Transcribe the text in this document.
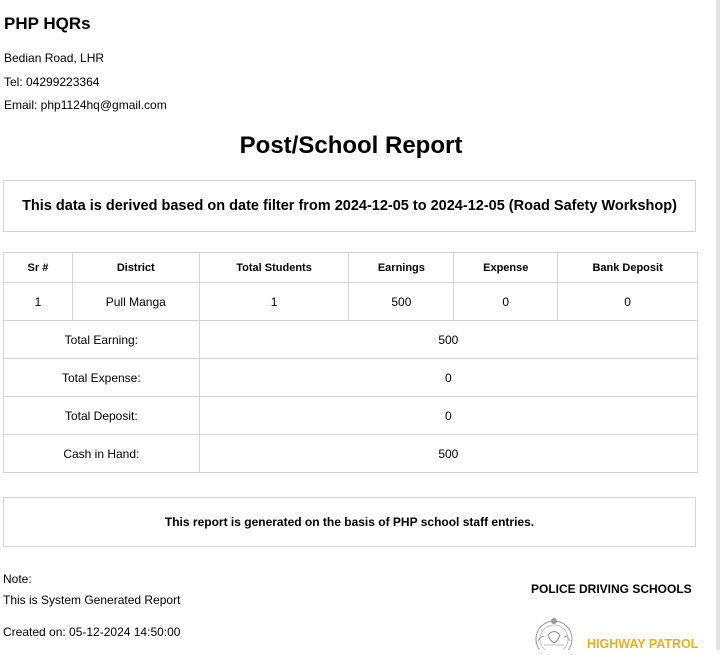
PHP HQRs
Bedian Road, LHR
Tel: 04299223364
Email: php1124hq@gmail.com
Post/School Report
This data is derived based on date filter from 2024-12-05 to 2024-12-05 (Road Safety Workshop)
Sr #	District	Total Students	Earnings	Expense	Bank Deposit
1	Pull Manga	1	500	0	0
Total Earning:		500			
Total Expense:		0			
Total Deposit:		0			
Cash in Hand:		500			
This report is generated on the basis of PHP school staff entries.
Note:
This is System Generated Report
Created on: 05-12-2024 14:50:00
POLICE DRIVING SCHOOLS
HIGHWAY PATROL
